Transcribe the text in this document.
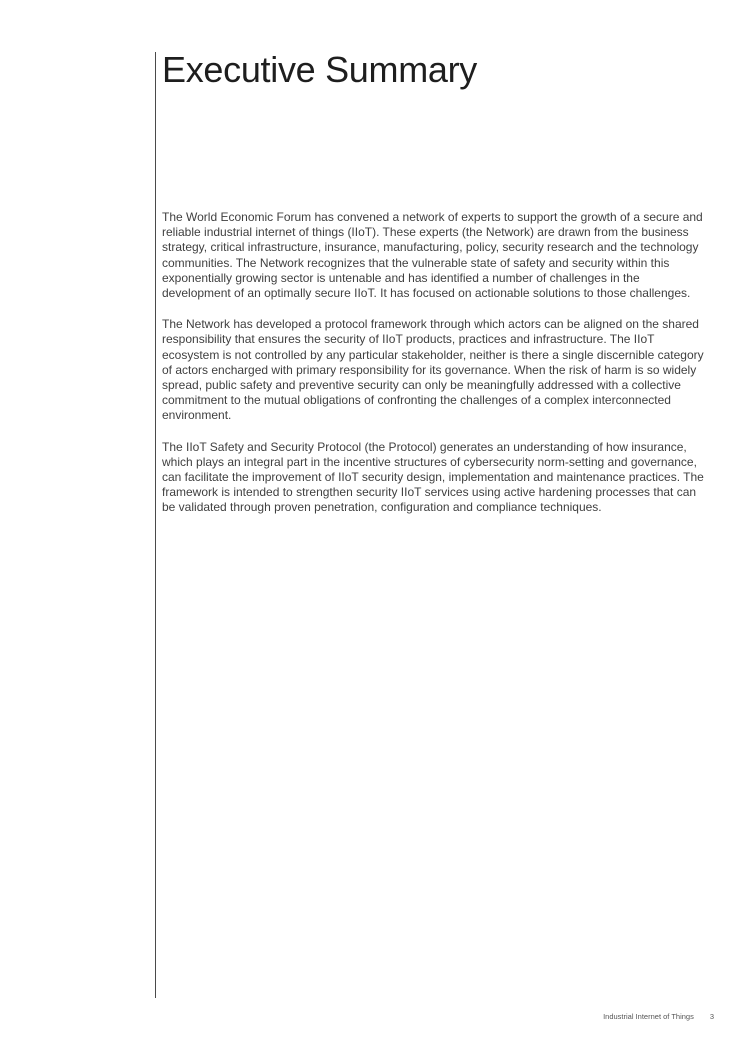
Executive Summary

The World Economic Forum has convened a network of experts to support the growth of a secure and reliable industrial internet of things (IIoT). These experts (the Network) are drawn from the business strategy, critical infrastructure, insurance, manufacturing, policy, security research and the technology communities. The Network recognizes that the vulnerable state of safety and security within this exponentially growing sector is untenable and has identified a number of challenges in the development of an optimally secure IIoT. It has focused on actionable solutions to those challenges.

The Network has developed a protocol framework through which actors can be aligned on the shared responsibility that ensures the security of IIoT products, practices and infrastructure. The IIoT ecosystem is not controlled by any particular stakeholder, neither is there a single discernible category of actors encharged with primary responsibility for its governance. When the risk of harm is so widely spread, public safety and preventive security can only be meaningfully addressed with a collective commitment to the mutual obligations of confronting the challenges of a complex interconnected environment.

The IIoT Safety and Security Protocol (the Protocol) generates an understanding of how insurance, which plays an integral part in the incentive structures of cybersecurity norm-setting and governance, can facilitate the improvement of IIoT security design, implementation and maintenance practices. The framework is intended to strengthen security IIoT services using active hardening processes that can be validated through proven penetration, configuration and compliance techniques.

Industrial Internet of Things 3
